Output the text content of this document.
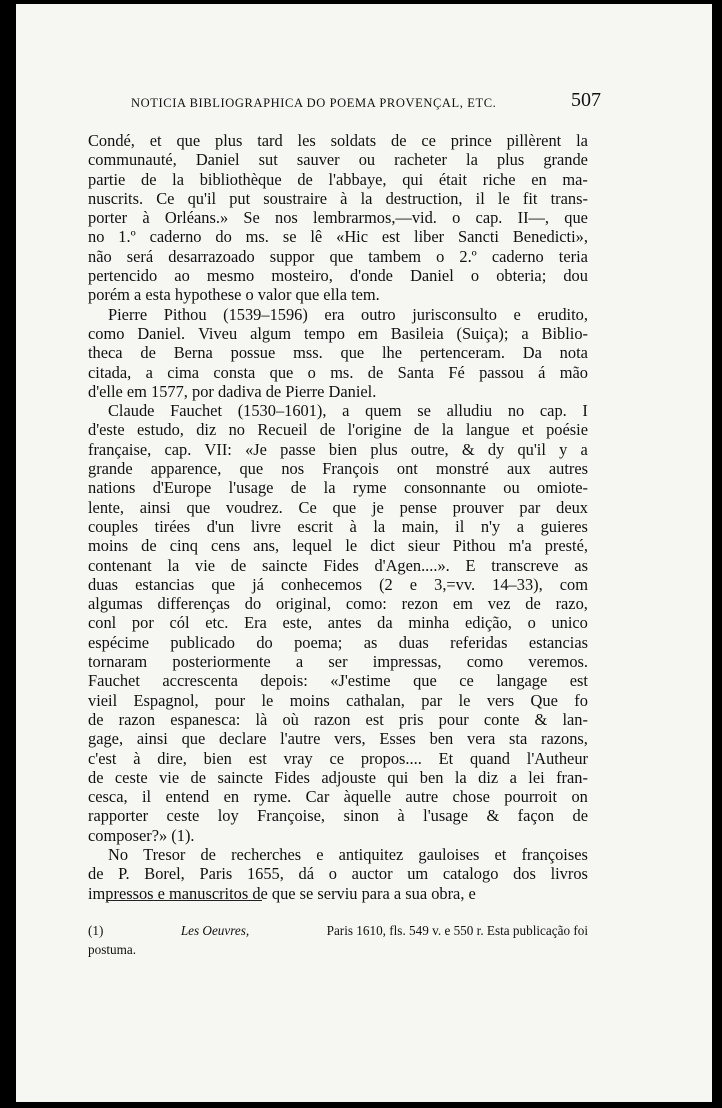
NOTICIA BIBLIOGRAPHICA DO POEMA PROVENÇAL, ETC.	507
Condé, et que plus tard les soldats de ce prince pillèrent la
communauté, Daniel sut sauver ou racheter la plus grande
partie de la bibliothèque de l'abbaye, qui était riche en ma-
nuscrits. Ce qu'il put soustraire à la destruction, il le fit trans-
porter à Orléans.» Se nos lembrarmos,—vid. o cap. II—, que
no 1.º caderno do ms. se lê «Hic est liber Sancti Benedicti»,
não será desarrazoado suppor que tambem o 2.º caderno teria
pertencido ao mesmo mosteiro, d'onde Daniel o obteria; dou
porém a esta hypothese o valor que ella tem.
Pierre Pithou (1539–1596) era outro jurisconsulto e erudito,
como Daniel. Viveu algum tempo em Basileia (Suiça); a Biblio-
theca de Berna possue mss. que lhe pertenceram. Da nota
citada, a cima consta que o ms. de Santa Fé passou á mão
d'elle em 1577, por dadiva de Pierre Daniel.
Claude Fauchet (1530–1601), a quem se alludiu no cap. I
d'este estudo, diz no Recueil de l'origine de la langue et poésie
française, cap. VII: «Je passe bien plus outre, & dy qu'il y a
grande apparence, que nos François ont monstré aux autres
nations d'Europe l'usage de la ryme consonnante ou omiote-
lente, ainsi que voudrez. Ce que je pense prouver par deux
couples tirées d'un livre escrit à la main, il n'y a guieres
moins de cinq cens ans, lequel le dict sieur Pithou m'a presté,
contenant la vie de saincte Fides d'Agen....». E transcreve as
duas estancias que já conhecemos (2 e 3,=vv. 14–33), com
algumas differenças do original, como: rezon em vez de razo,
conl por cól etc. Era este, antes da minha edição, o unico
espécime publicado do poema; as duas referidas estancias
tornaram posteriormente a ser impressas, como veremos.
Fauchet accrescenta depois: «J'estime que ce langage est
vieil Espagnol, pour le moins cathalan, par le vers Que fo
de razon espanesca: là où razon est pris pour conte & lan-
gage, ainsi que declare l'autre vers, Esses ben vera sta razons,
c'est à dire, bien est vray ce propos.... Et quand l'Autheur
de ceste vie de saincte Fides adjouste qui ben la diz a lei fran-
cesca, il entend en ryme. Car àquelle autre chose pourroit on
rapporter ceste loy Françoise, sinon à l'usage & façon de
composer?» (1).
No Tresor de recherches e antiquitez gauloises et françoises
de P. Borel, Paris 1655, dá o auctor um catalogo dos livros
impressos e manuscritos de que se serviu para a sua obra, e
(1)	Les Oeuvres,	Paris 1610, fls. 549 v. e 550 r. Esta publicação foi
postuma.
